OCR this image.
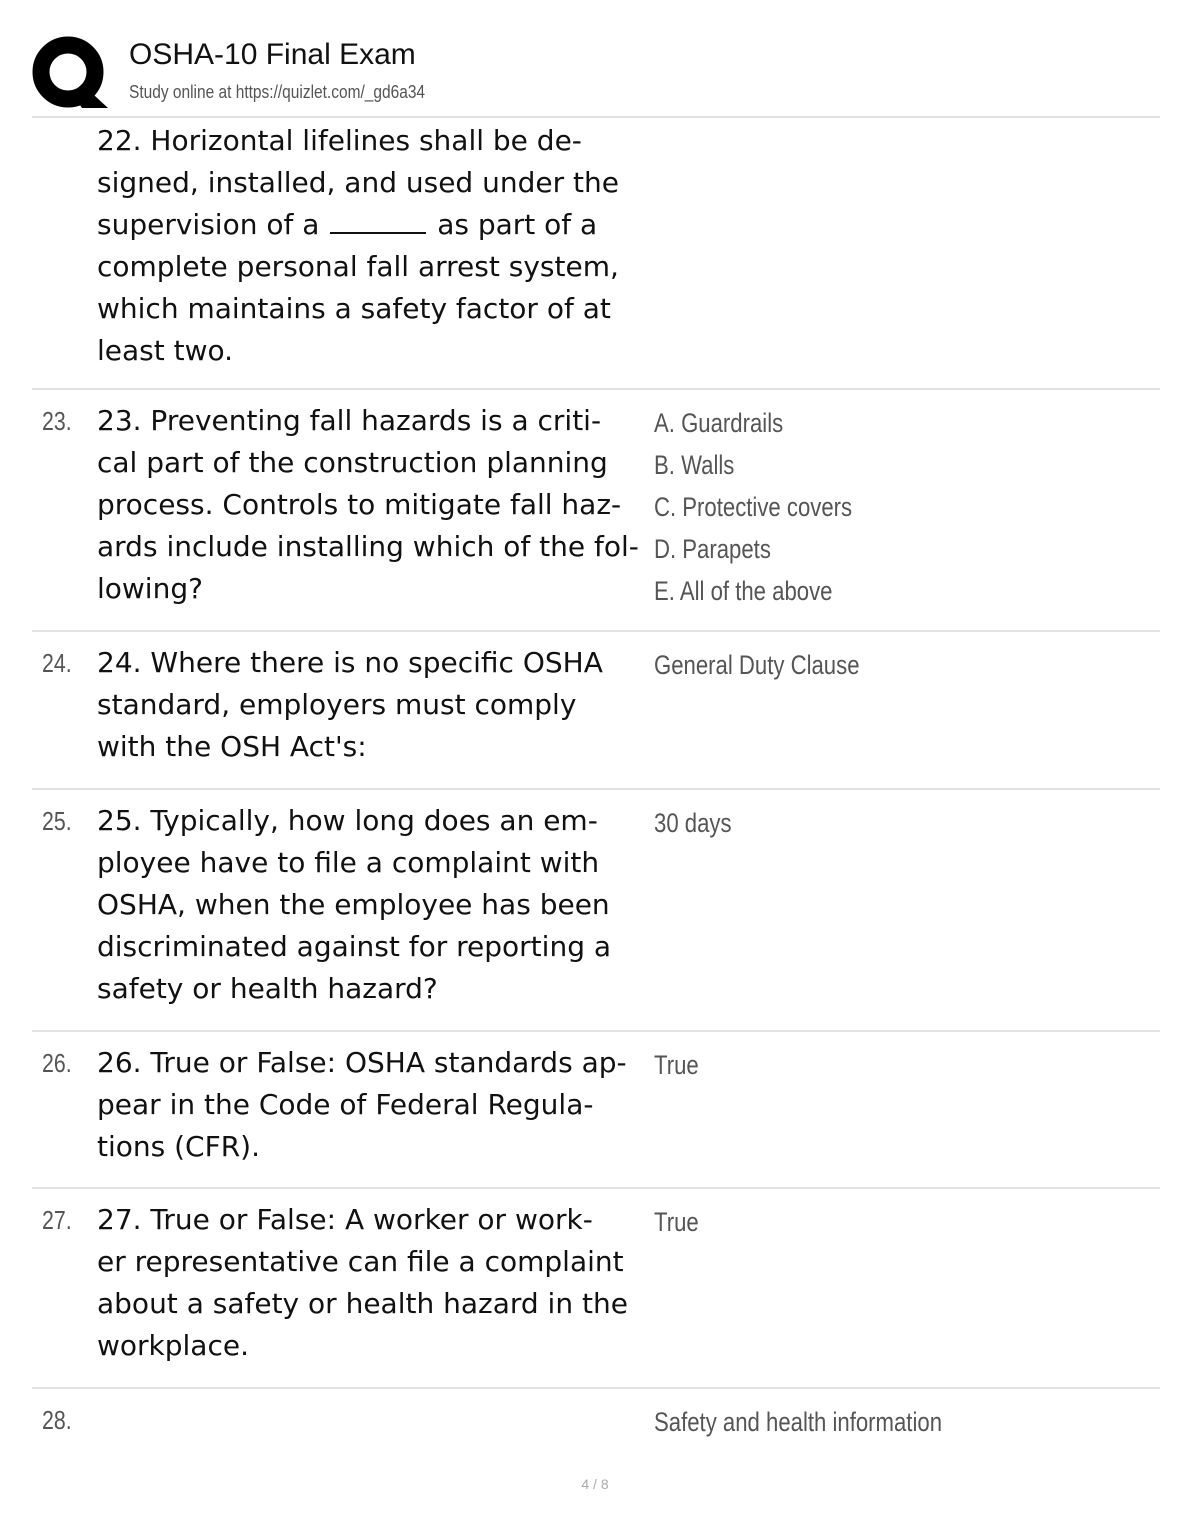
OSHA-10 Final Exam
Study online at https://quizlet.com/_gd6a34
22. Horizontal lifelines shall be de-
signed, installed, and used under the
supervision of a	as part of a
complete personal fall arrest system,
which maintains a safety factor of at
least two.
23. 23. Preventing fall hazards is a criti-
cal part of the construction planning
process. Controls to mitigate fall haz-
ards include installing which of the fol-
lowing?
A. Guardrails
B. Walls
C. Protective covers
D. Parapets
E. All of the above
24. 24. Where there is no specific OSHA
standard, employers must comply
with the OSH Act's:
General Duty Clause
25. 25. Typically, how long does an em-
ployee have to file a complaint with
OSHA, when the employee has been
discriminated against for reporting a
safety or health hazard?
30 days
26. 26. True or False: OSHA standards ap-
pear in the Code of Federal Regula-
tions (CFR).
True
27. 27. True or False: A worker or work-
er representative can file a complaint
about a safety or health hazard in the
workplace.
True
28.	Safety and health information
4 / 8
